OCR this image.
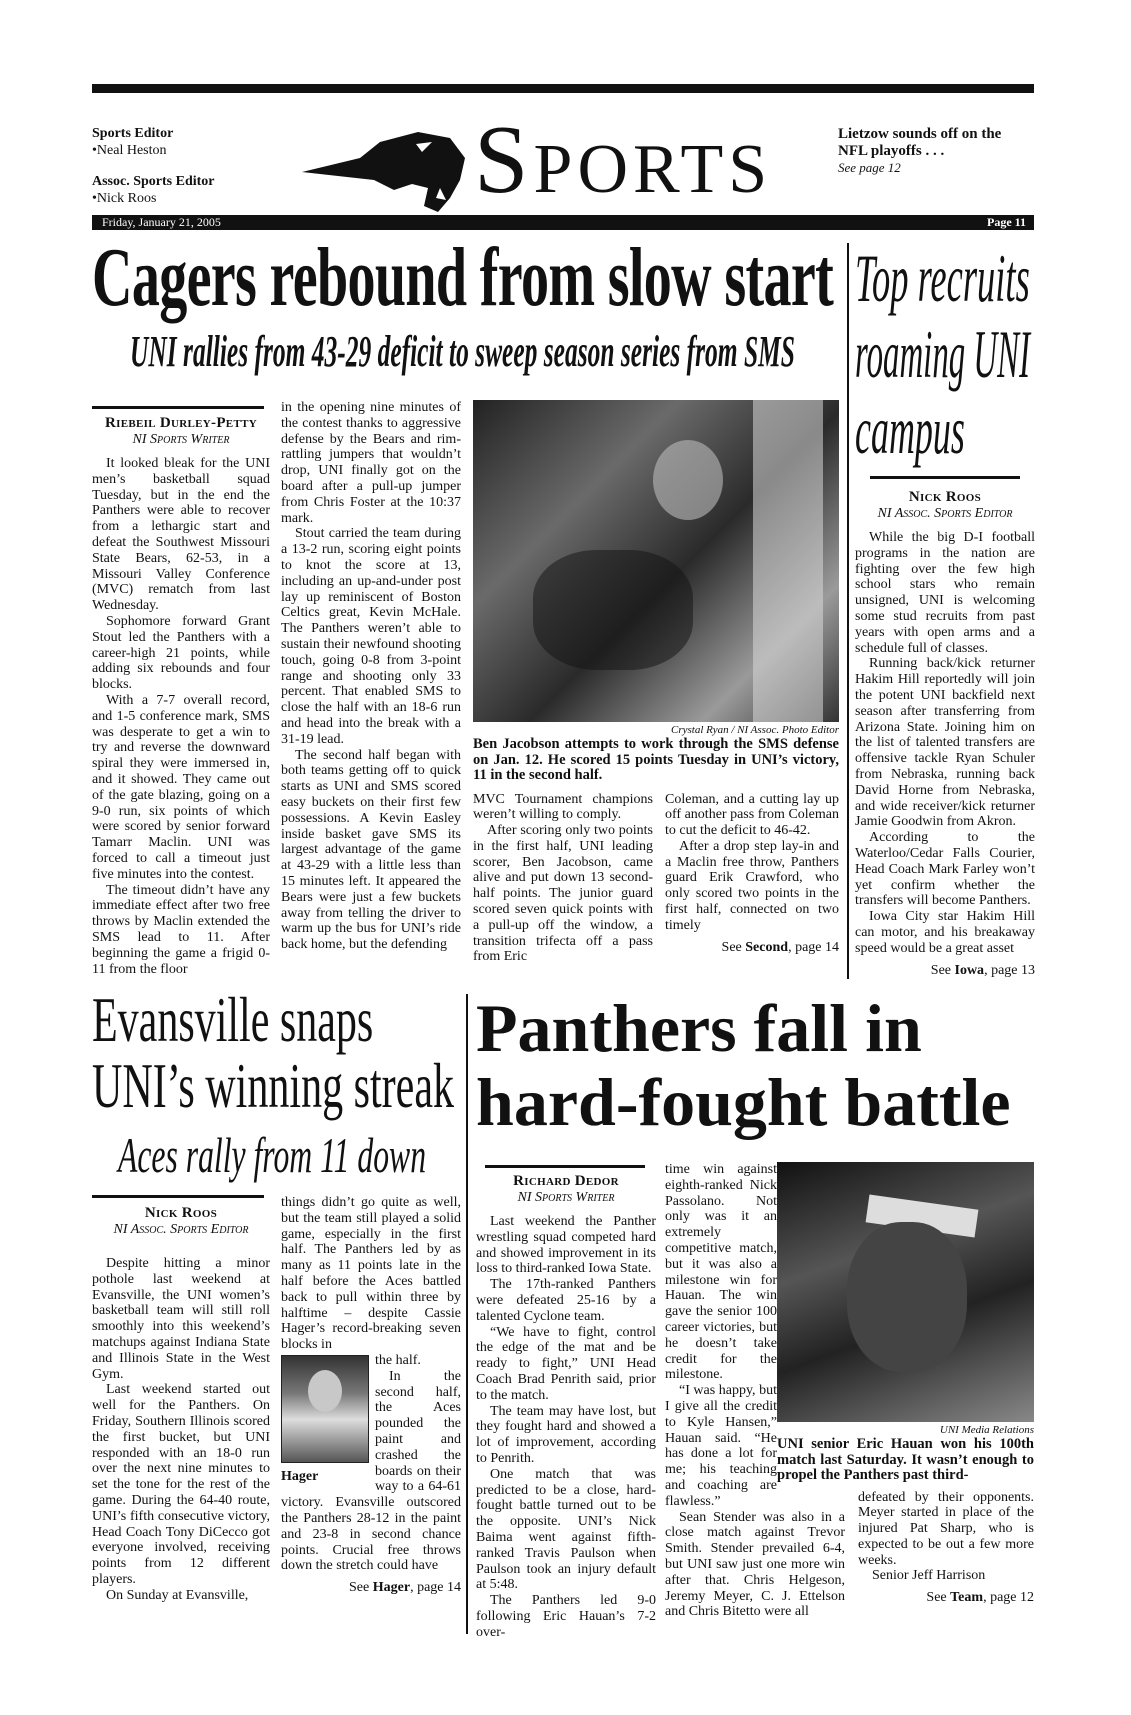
Sports Editor
•Neal Heston
Assoc. Sports Editor
•Nick Roos	SPORTS	Lietzow sounds off on the NFL playoffs . . .
See page 12
Friday, January 21, 2005	Page 11
Cagers rebound from slow start
UNI rallies from 43-29 deficit to sweep season series from SMS
Riebeil Durley-Petty
NI Sports Writer

It looked bleak for the UNI men’s basketball squad Tuesday, but in the end the Panthers were able to recover from a lethargic start and defeat the Southwest Missouri State Bears, 62-53, in a Missouri Valley Conference (MVC) rematch from last Wednesday.

Sophomore forward Grant Stout led the Panthers with a career-high 21 points, while adding six rebounds and four blocks.

With a 7-7 overall record, and 1-5 conference mark, SMS was desperate to get a win to try and reverse the downward spiral they were immersed in, and it showed. They came out of the gate blazing, going on a 9-0 run, six points of which were scored by senior forward Tamarr Maclin. UNI was forced to call a timeout just five minutes into the contest.

The timeout didn’t have any immediate effect after two free throws by Maclin extended the SMS lead to 11. After beginning the game a frigid 0-11 from the floor

in the opening nine minutes of the contest thanks to aggressive defense by the Bears and rim-rattling jumpers that wouldn’t drop, UNI finally got on the board after a pull-up jumper from Chris Foster at the 10:37 mark.

Stout carried the team during a 13-2 run, scoring eight points to knot the score at 13, including an up-and-under post lay up reminiscent of Boston Celtics great, Kevin McHale. The Panthers weren’t able to sustain their newfound shooting touch, going 0-8 from 3-point range and shooting only 33 percent. That enabled SMS to close the half with an 18-6 run and head into the break with a 31-19 lead.

The second half began with both teams getting off to quick starts as UNI and SMS scored easy buckets on their first few possessions. A Kevin Easley inside basket gave SMS its largest advantage of the game at 43-29 with a little less than 15 minutes left. It appeared the Bears were just a few buckets away from telling the driver to warm up the bus for UNI’s ride back home, but the defending

Crystal Ryan / NI Assoc. Photo Editor
Ben Jacobson attempts to work through the SMS defense on Jan. 12. He scored 15 points Tuesday in UNI’s victory, 11 in the second half.

MVC Tournament champions weren’t willing to comply.

After scoring only two points in the first half, UNI leading scorer, Ben Jacobson, came alive and put down 13 second-half points. The junior guard scored seven quick points with a pull-up off the window, a transition trifecta off a pass from Eric

Coleman, and a cutting lay up off another pass from Coleman to cut the deficit to 46-42.

After a drop step lay-in and a Maclin free throw, Panthers guard Erik Crawford, who only scored two points in the first half, connected on two timely

See Second, page 14
Top recruits
roaming UNI
campus
Nick Roos
NI Assoc. Sports Editor

While the big D-I football programs in the nation are fighting over the few high school stars who remain unsigned, UNI is welcoming some stud recruits from past years with open arms and a schedule full of classes.

Running back/kick returner Hakim Hill reportedly will join the potent UNI backfield next season after transferring from Arizona State. Joining him on the list of talented transfers are offensive tackle Ryan Schuler from Nebraska, running back David Horne from Nebraska, and wide receiver/kick returner Jamie Goodwin from Akron.

According to the Waterloo/Cedar Falls Courier, Head Coach Mark Farley won’t yet confirm whether the transfers will become Panthers.

Iowa City star Hakim Hill can motor, and his breakaway speed would be a great asset

See Iowa, page 13
Evansville snaps
UNI’s winning streak
Aces rally from 11 down
Nick Roos
NI Assoc. Sports Editor

Despite hitting a minor pothole last weekend at Evansville, the UNI women’s basketball team will still roll smoothly into this weekend’s matchups against Indiana State and Illinois State in the West Gym.

Last weekend started out well for the Panthers. On Friday, Southern Illinois scored the first bucket, but UNI responded with an 18-0 run over the next nine minutes to set the tone for the rest of the game. During the 64-40 route, UNI’s fifth consecutive victory, Head Coach Tony DiCecco got everyone involved, receiving points from 12 different players.

On Sunday at Evansville,

things didn’t go quite as well, but the team still played a solid game, especially in the first half. The Panthers led by as many as 11 points late in the half before the Aces battled back to pull within three by halftime – despite Cassie Hager’s record-breaking seven blocks in

Hager

the half.

In the second half, the Aces pounded the paint and crashed the boards on their way to a 64-61 victory. Evansville outscored the Panthers 28-12 in the paint and 23-8 in second chance points. Crucial free throws down the stretch could have

See Hager, page 14
Panthers fall in
hard-fought battle
Richard Dedor
NI Sports Writer

Last weekend the Panther wrestling squad competed hard and showed improvement in its loss to third-ranked Iowa State.

The 17th-ranked Panthers were defeated 25-16 by a talented Cyclone team.

“We have to fight, control the edge of the mat and be ready to fight,” UNI Head Coach Brad Penrith said, prior to the match.

The team may have lost, but they fought hard and showed a lot of improvement, according to Penrith.

One match that was predicted to be a close, hard-fought battle turned out to be the opposite. UNI’s Nick Baima went against fifth-ranked Travis Paulson when Paulson took an injury default at 5:48.

The Panthers led 9-0 following Eric Hauan’s 7-2 over-

time win against eighth-ranked Nick Passolano. Not only was it an extremely competitive match, but it was also a milestone win for Hauan. The win gave the senior 100 career victories, but he doesn’t take credit for the milestone.

“I was happy, but I give all the credit to Kyle Hansen,” Hauan said. “He has done a lot for me; his teaching and coaching are flawless.”

Sean Stender was also in a close match against Trevor Smith. Stender prevailed 6-4, but UNI saw just one more win after that. Chris Helgeson, Jeremy Meyer, C. J. Ettelson and Chris Bitetto were all

UNI Media Relations
UNI senior Eric Hauan won his 100th match last Saturday. It wasn’t enough to propel the Panthers past third-

defeated by their opponents. Meyer started in place of the injured Pat Sharp, who is expected to be out a few more weeks.

Senior Jeff Harrison

See Team, page 12
